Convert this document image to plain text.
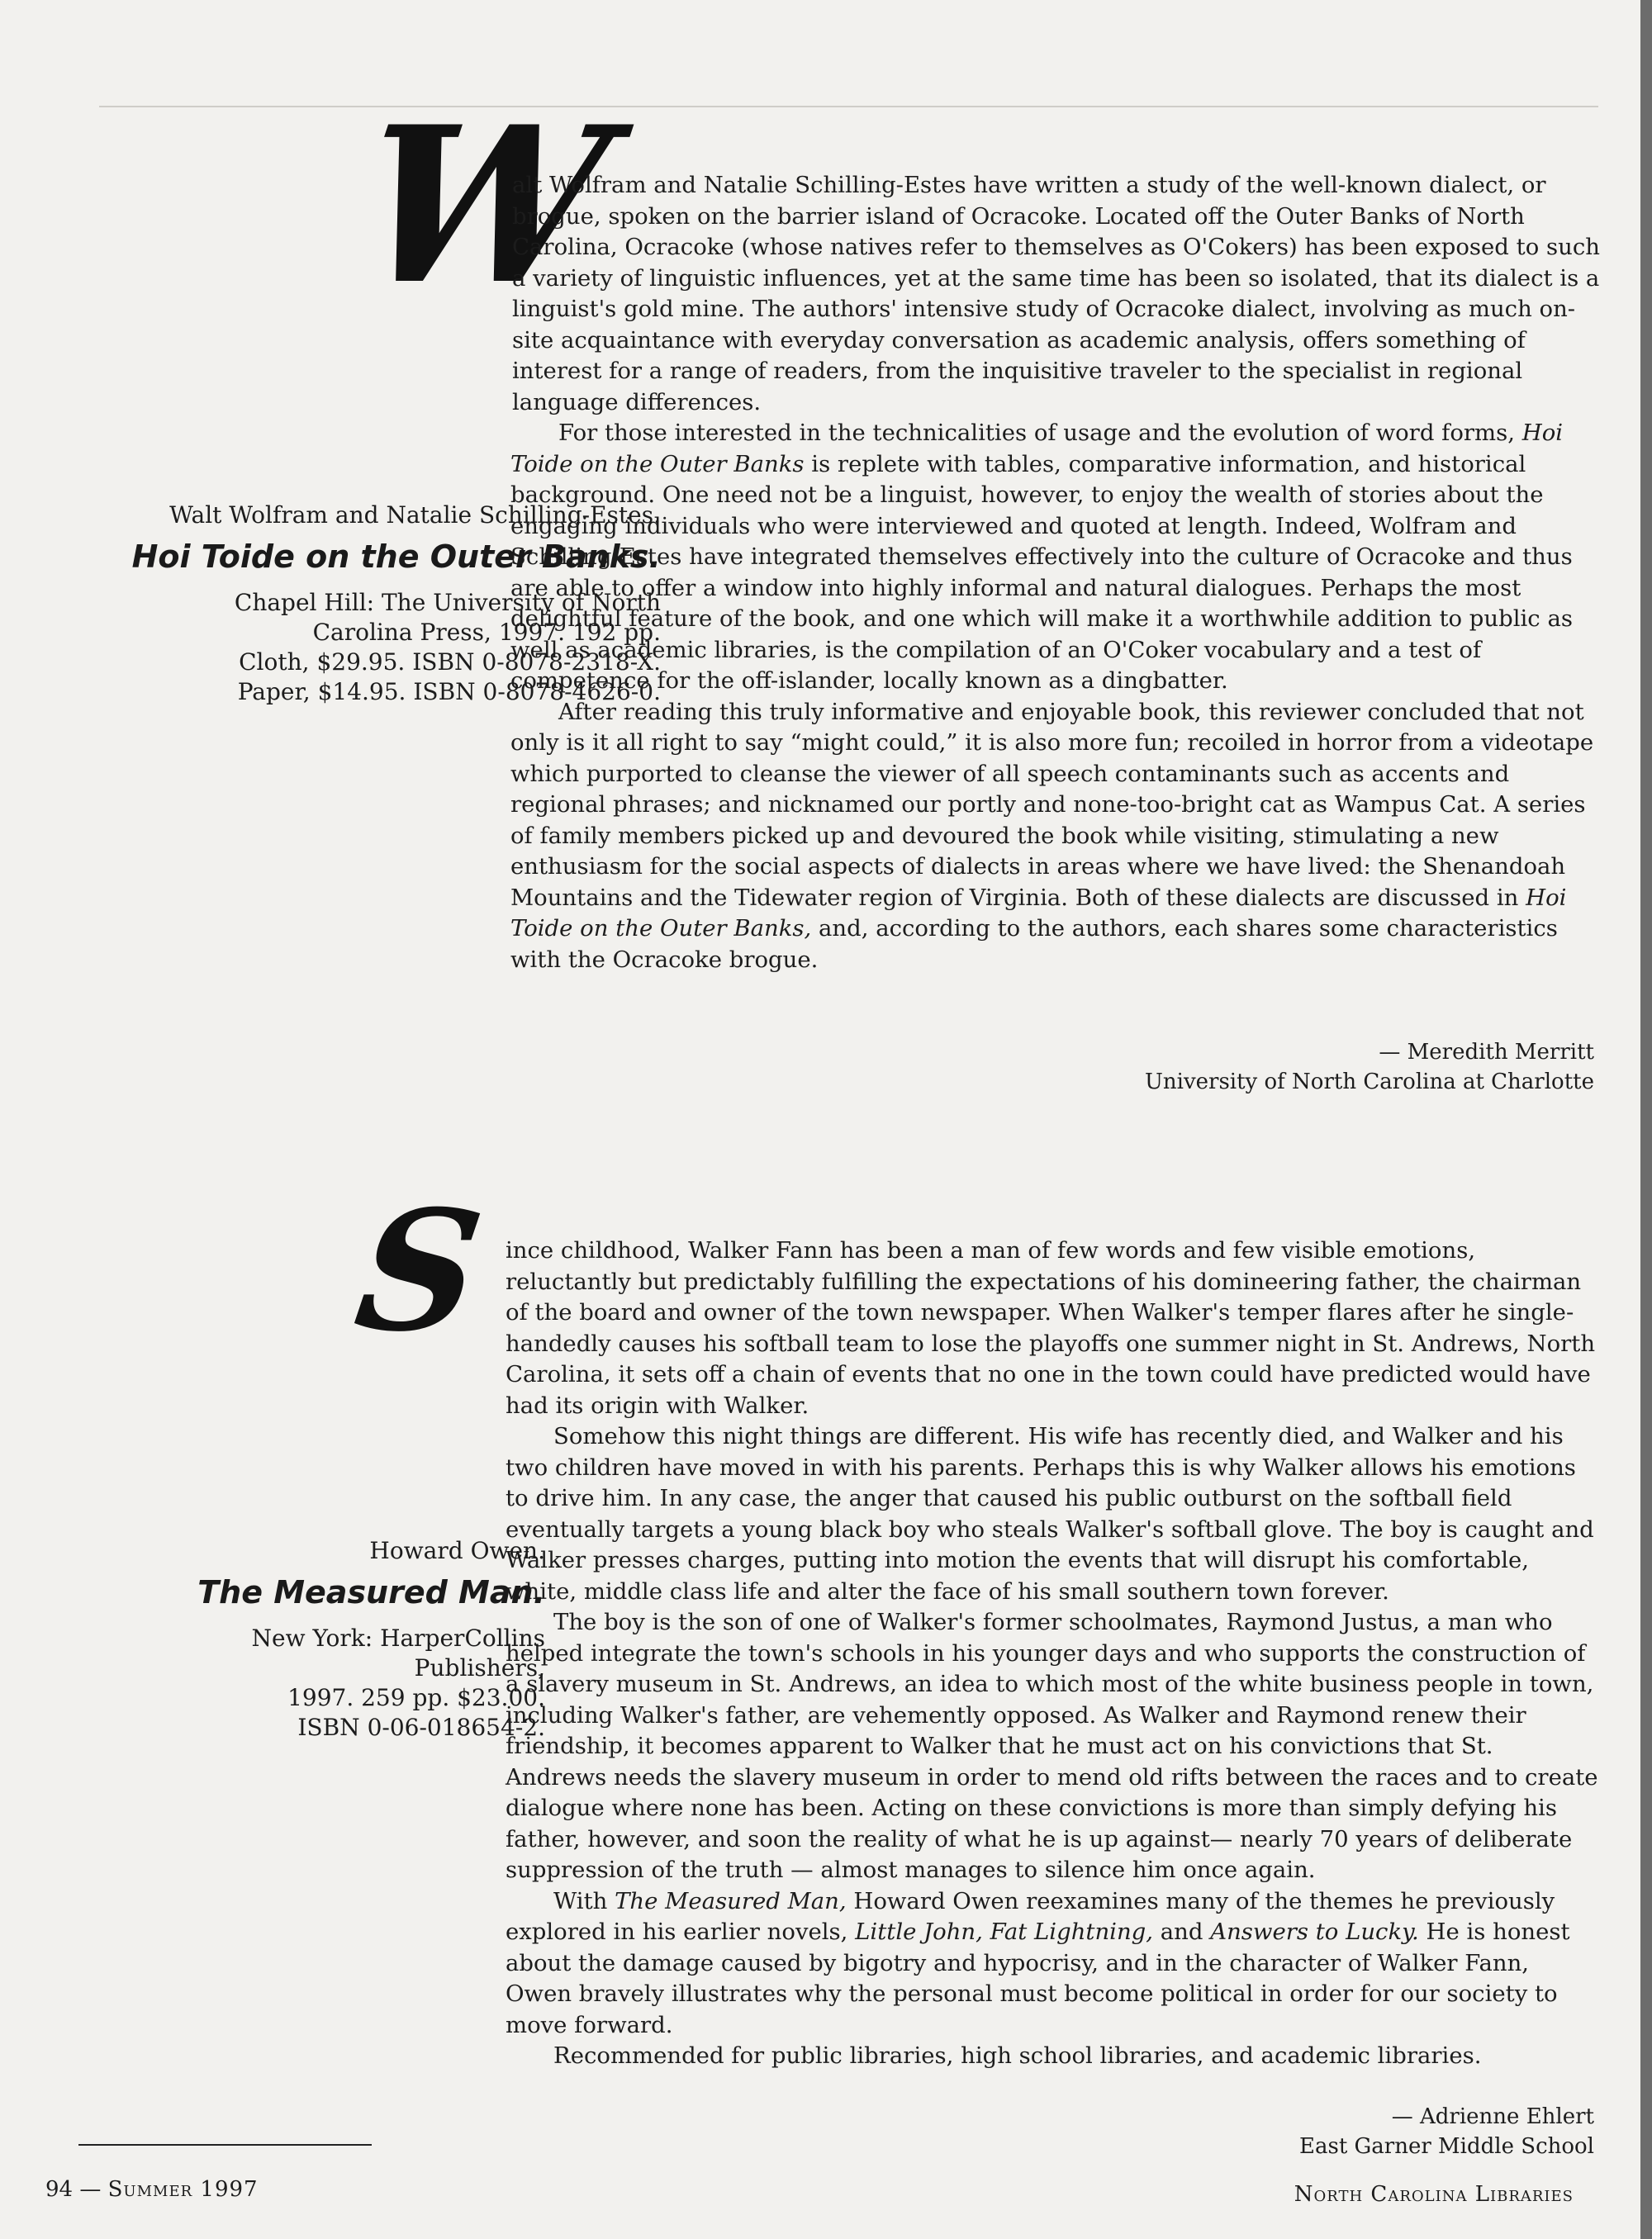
W

alt Wolfram and Natalie Schilling-Estes have written a study of the well-known dialect, or brogue, spoken on the barrier island of Ocracoke. Located off the Outer Banks of North Carolina, Ocracoke (whose natives refer to themselves as O'Cokers) has been exposed to such a variety of linguistic influences, yet at the same time has been so isolated, that its dialect is a linguist's gold mine. The authors' intensive study of Ocracoke dialect, involving as much on-site acquaintance with everyday conversation as academic analysis, offers something of interest for a range of readers, from the inquisitive traveler to the specialist in regional language differences.

For those interested in the technicalities of usage and the evolution of word forms, Hoi Toide on the Outer Banks is replete with tables, comparative information, and historical background. One need not be a linguist, however, to enjoy the wealth of stories about the engaging individuals who were interviewed and quoted at length. Indeed, Wolfram and Schilling-Estes have integrated themselves effectively into the culture of Ocracoke and thus are able to offer a window into highly informal and natural dialogues. Perhaps the most delightful feature of the book, and one which will make it a worthwhile addition to public as well as academic libraries, is the compilation of an O'Coker vocabulary and a test of competence for the off-islander, locally known as a dingbatter.

After reading this truly informative and enjoyable book, this reviewer concluded that not only is it all right to say “might could,” it is also more fun; recoiled in horror from a videotape which purported to cleanse the viewer of all speech contaminants such as accents and regional phrases; and nicknamed our portly and none-too-bright cat as Wampus Cat. A series of family members picked up and devoured the book while visiting, stimulating a new enthusiasm for the social aspects of dialects in areas where we have lived: the Shenandoah Mountains and the Tidewater region of Virginia. Both of these dialects are discussed in Hoi Toide on the Outer Banks, and, according to the authors, each shares some characteristics with the Ocracoke brogue.

Walt Wolfram and Natalie Schilling-Estes.

Hoi Toide on the Outer Banks.

Chapel Hill: The University of North

Carolina Press, 1997. 192 pp.

Cloth, $29.95. ISBN 0-8078-2318-X.

Paper, $14.95. ISBN 0-8078-4626-0.

— Meredith Merritt
University of North Carolina at Charlotte
S ince childhood, Walker Fann has been a man of few words and few visible emotions, reluctantly but predictably fulfilling the expectations of his domineering father, the chairman of the board and owner of the town newspaper. When Walker's temper flares after he single-handedly causes his softball team to lose the playoffs one summer night in St. Andrews, North Carolina, it sets off a chain of events that no one in the town could have predicted would have had its origin with Walker.

Somehow this night things are different. His wife has recently died, and Walker and his two children have moved in with his parents. Perhaps this is why Walker allows his emotions to drive him. In any case, the anger that caused his public outburst on the softball field eventually targets a young black boy who steals Walker's softball glove. The boy is caught and Walker presses charges, putting into motion the events that will disrupt his comfortable, white, middle class life and alter the face of his small southern town forever.

The boy is the son of one of Walker's former schoolmates, Raymond Justus, a man who helped integrate the town's schools in his younger days and who supports the construction of a slavery museum in St. Andrews, an idea to which most of the white business people in town, including Walker's father, are vehemently opposed. As Walker and Raymond renew their friendship, it becomes apparent to Walker that he must act on his convictions that St. Andrews needs the slavery museum in order to mend old rifts between the races and to create dialogue where none has been. Acting on these convictions is more than simply defying his father, however, and soon the reality of what he is up against— nearly 70 years of deliberate suppression of the truth — almost manages to silence him once again.

With The Measured Man, Howard Owen reexamines many of the themes he previously explored in his earlier novels, Little John, Fat Lightning, and Answers to Lucky. He is honest about the damage caused by bigotry and hypocrisy, and in the character of Walker Fann, Owen bravely illustrates why the personal must become political in order for our society to move forward.

Recommended for public libraries, high school libraries, and academic libraries.

Howard Owen.

The Measured Man.

New York: HarperCollins Publishers,

1997. 259 pp. $23.00.

ISBN 0-06-018654-2.

— Adrienne Ehlert
East Garner Middle School
94 — Summer 1997	North Carolina Libraries
